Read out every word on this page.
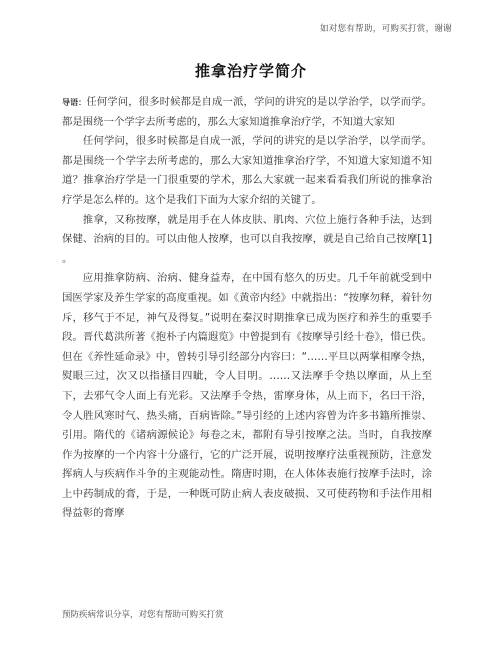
如对您有帮助，可购买打赏，谢谢
推拿治疗学简介

导语：任何学问，很多时候都是自成一派，学问的讲究的是以学治学，以学而学。都是围绕一个学字去所考虑的，那么大家知道推拿治疗学，不知道大家知

任何学问，很多时候都是自成一派，学问的讲究的是以学治学，以学而学。都是围绕一个学字去所考虑的，那么大家知道推拿治疗学，不知道大家知道不知道？推拿治疗学是一门很重要的学术，那么大家就一起来看看我们所说的推拿治疗学是怎么样的。这个是我们下面为大家介绍的关键了。

推拿，又称按摩，就是用手在人体皮肤、肌肉、穴位上施行各种手法，达到保健、治病的目的。可以由他人按摩，也可以自我按摩，就是自己给自己按摩[1] 。

应用推拿防病、治病、健身益寿，在中国有悠久的历史。几千年前就受到中国医学家及养生学家的高度重视。如《黄帝内经》中就指出：“按摩勿释，着针勿斥，移气于不足，神气及得复。”说明在秦汉时期推拿已成为医疗和养生的重要手段。晋代葛洪所著《抱朴子内篇遐览》中曾提到有《按摩导引经十卷》，惜已佚。但在《养性延命录》中，曾转引导引经部分内容曰：“……平旦以两掌相摩令热，熨眼三过，次又以指搔目四眦，令人目明。……又法摩手令热以摩面，从上至下，去邪气令人面上有光彩。又法摩手令热，雷摩身体，从上而下，名曰干浴，令人胜风寒时气、热头痛，百病皆除。”导引经的上述内容曾为许多书籍所推崇、引用。隋代的《诸病源候论》每卷之末，都附有导引按摩之法。当时，自我按摩作为按摩的一个内容十分盛行，它的广泛开展，说明按摩疗法重视预防，注意发挥病人与疾病作斗争的主观能动性。隋唐时期，在人体体表施行按摩手法时，涂上中药制成的膏，于是，一种既可防止病人表皮破损、又可使药物和手法作用相得益彰的膏摩

预防疾病常识分享，对您有帮助可购买打赏
